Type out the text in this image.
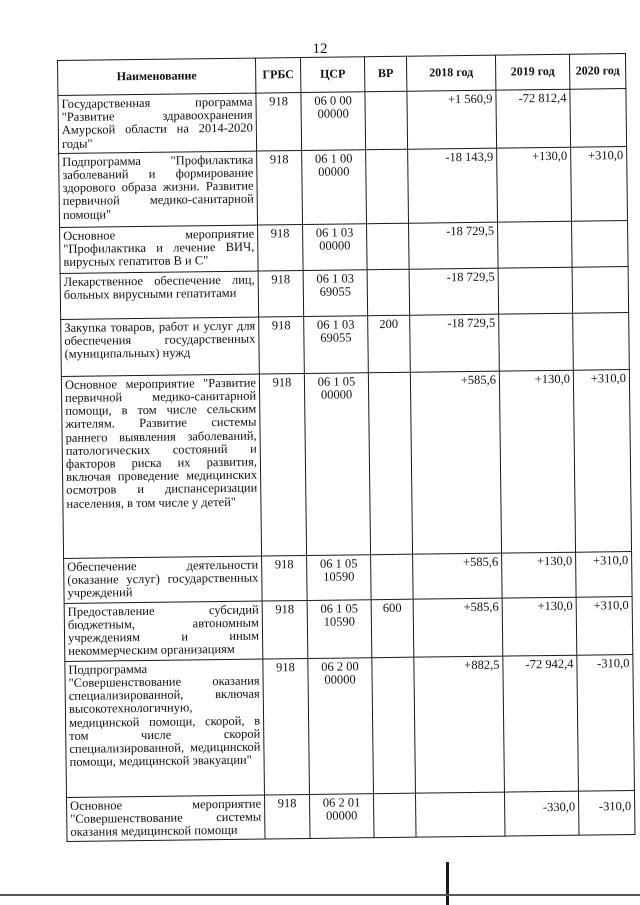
12
Наименование	ГРБС	ЦСР	ВР	2018 год	2019 год	2020 год
Государственная программа "Развитие здравоохранения Амурской области на 2014-2020 годы"	918	06 0 00 00000		+1 560,9	-72 812,4	
Подпрограмма "Профилактика заболеваний и формирование здорового образа жизни. Развитие первичной медико-санитарной помощи"	918	06 1 00 00000		-18 143,9	+130,0	+310,0
Основное мероприятие "Профилактика и лечение ВИЧ, вирусных гепатитов В и С"	918	06 1 03 00000		-18 729,5		
Лекарственное обеспечение лиц, больных вирусными гепатитами	918	06 1 03 69055		-18 729,5		
Закупка товаров, работ и услуг для обеспечения государственных (муниципальных) нужд	918	06 1 03 69055	200	-18 729,5		
Основное мероприятие "Развитие первичной медико-санитарной помощи, в том числе сельским жителям. Развитие системы раннего выявления заболеваний, патологических состояний и факторов риска их развития, включая проведение медицинских осмотров и диспансеризации населения, в том числе у детей"	918	06 1 05 00000		+585,6	+130,0	+310,0
Обеспечение деятельности (оказание услуг) государственных учреждений	918	06 1 05 10590		+585,6	+130,0	+310,0
Предоставление субсидий бюджетным, автономным учреждениям и иным некоммерческим организациям	918	06 1 05 10590	600	+585,6	+130,0	+310,0
Подпрограмма "Совершенствование оказания специализированной, включая высокотехнологичную, медицинской помощи, скорой, в том числе скорой специализированной, медицинской помощи, медицинской эвакуации"	918	06 2 00 00000		+882,5	-72 942,4	-310,0
Основное мероприятие "Совершенствование системы оказания медицинской помощи	918	06 2 01 00000			-330,0	-310,0
